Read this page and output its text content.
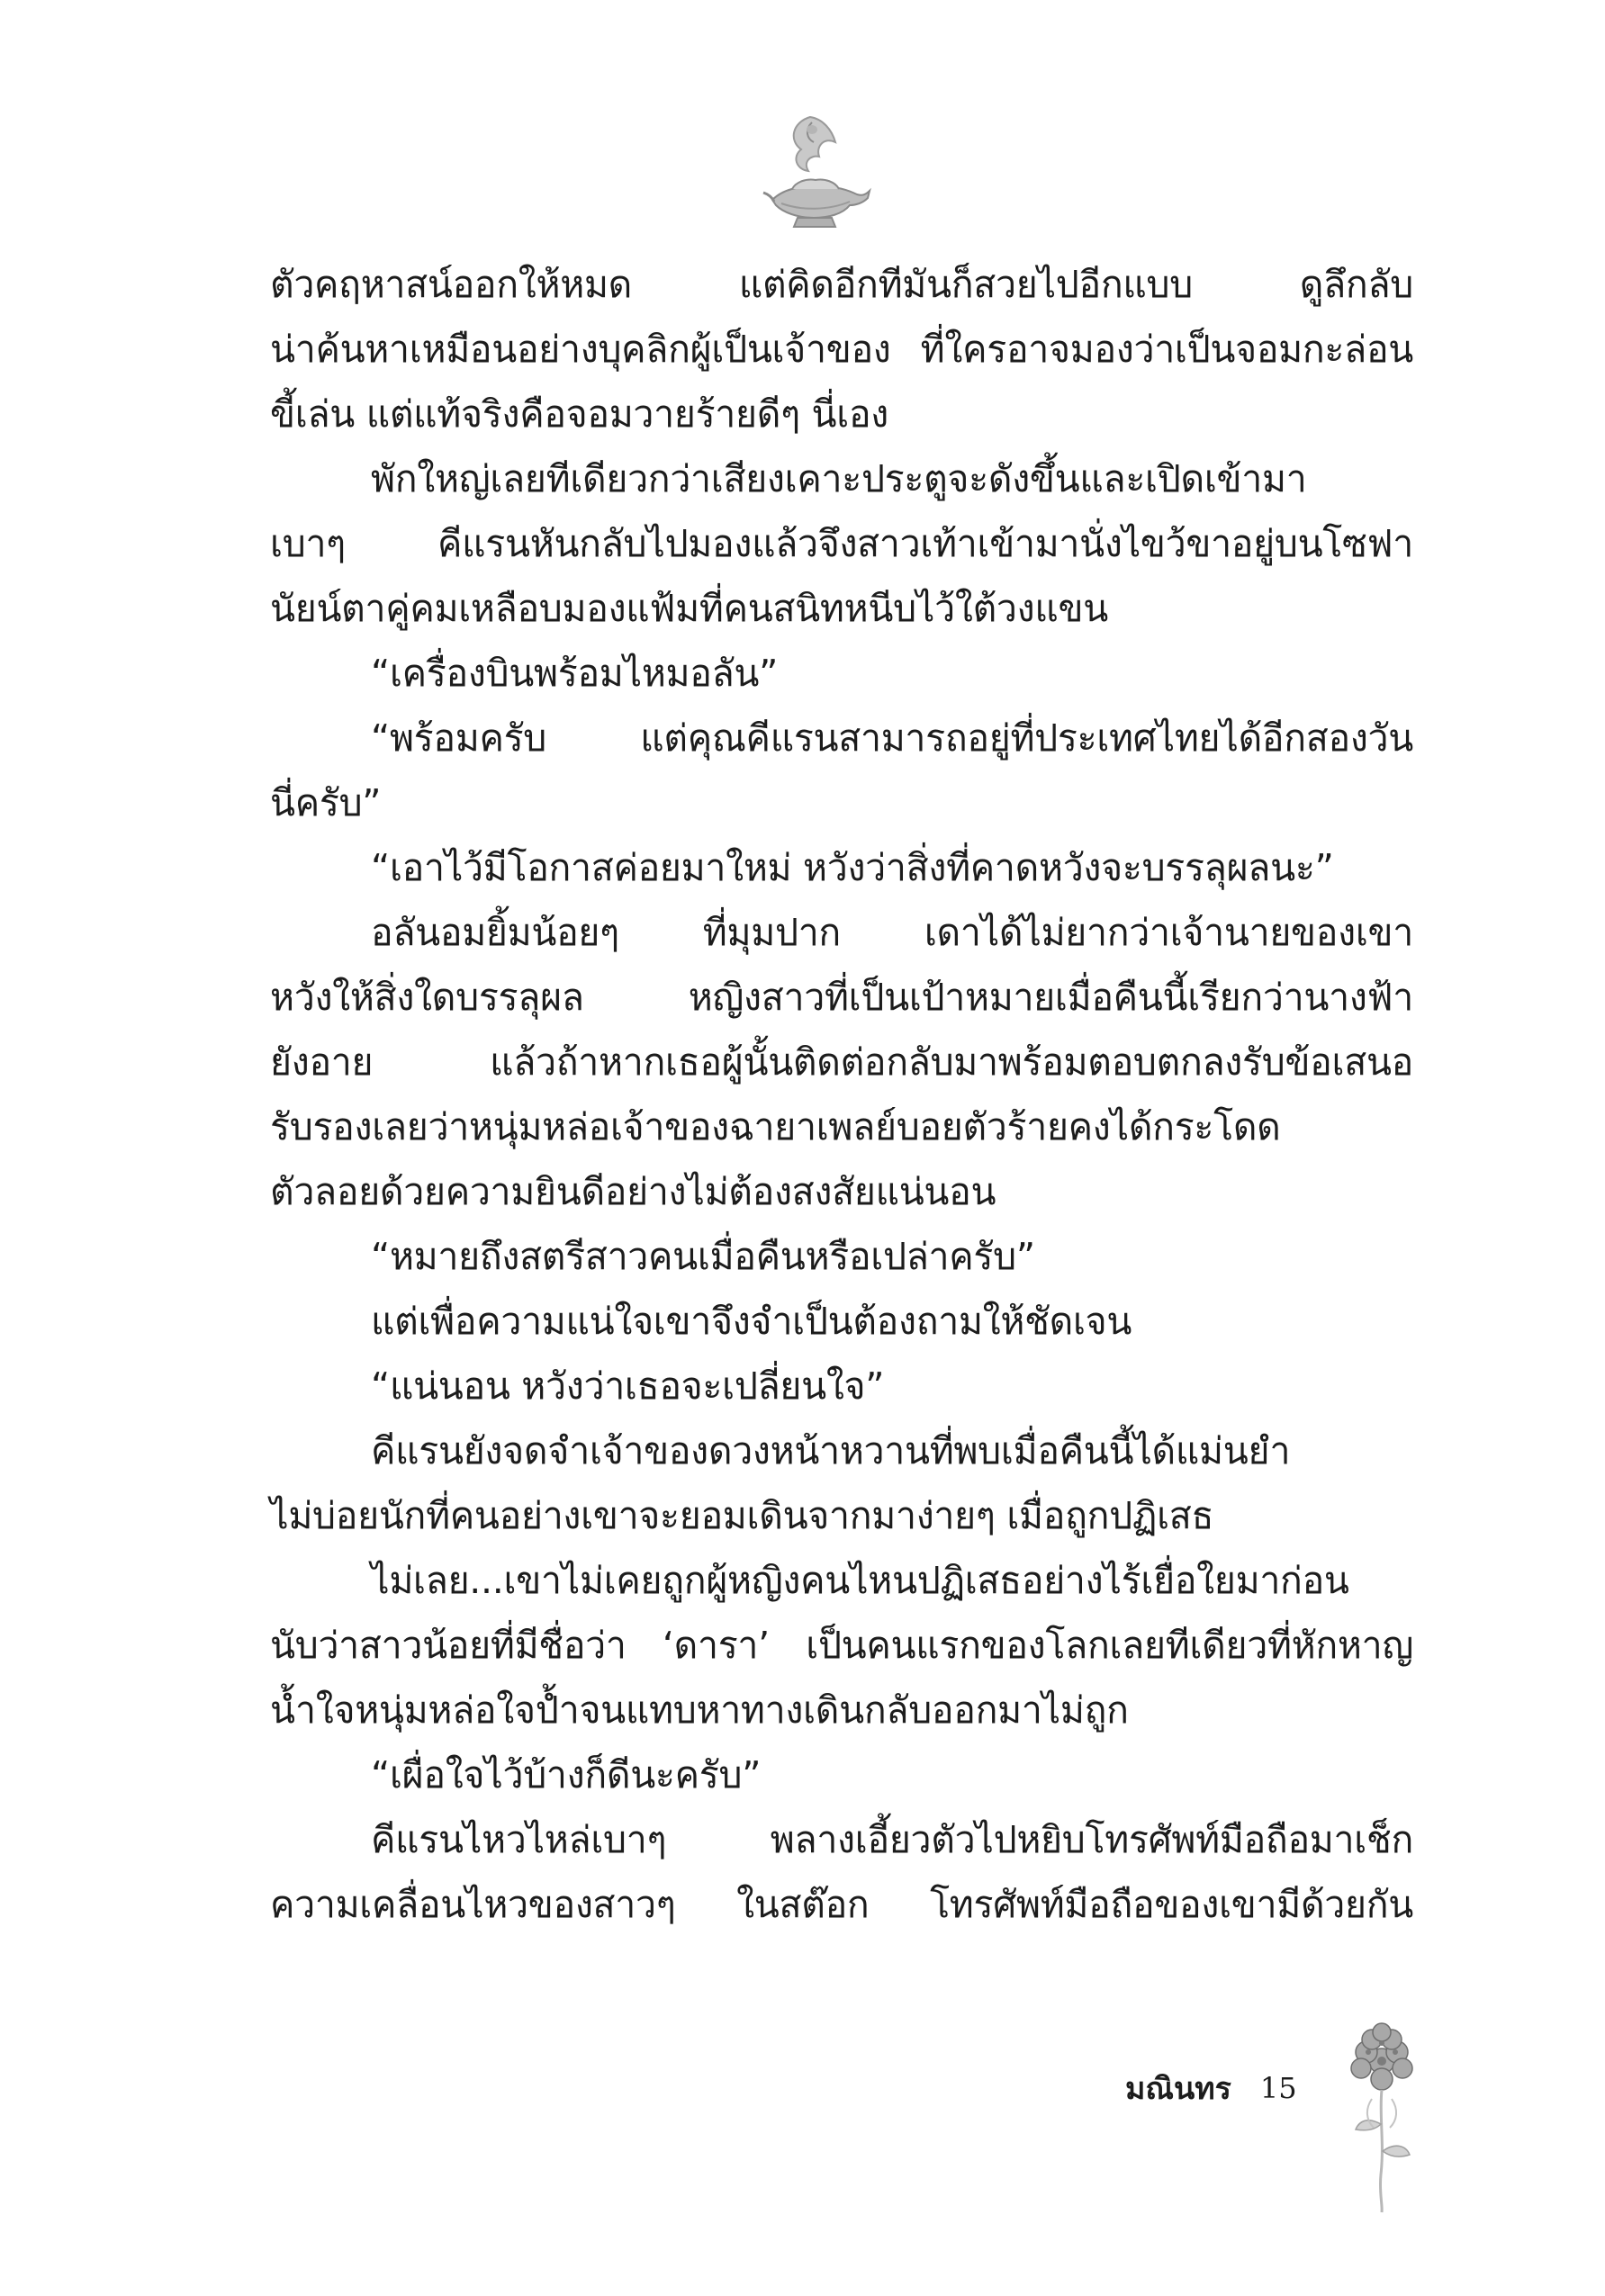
ตัวคฤหาสน์ออกให้หมด แต่คิดอีกทีมันก็สวยไปอีกแบบ ดูลึกลับ
น่าค้นหาเหมือนอย่างบุคลิกผู้เป็นเจ้าของ ที่ใครอาจมองว่าเป็นจอมกะล่อน
ขี้เล่น แต่แท้จริงคือจอมวายร้ายดีๆ นี่เอง
พักใหญ่เลยทีเดียวกว่าเสียงเคาะประตูจะดังขึ้นและเปิดเข้ามา
เบาๆ คีแรนหันกลับไปมองแล้วจึงสาวเท้าเข้ามานั่งไขว้ขาอยู่บนโซฟา
นัยน์ตาคู่คมเหลือบมองแฟ้มที่คนสนิทหนีบไว้ใต้วงแขน
“เครื่องบินพร้อมไหมอลัน”
“พร้อมครับ แต่คุณคีแรนสามารถอยู่ที่ประเทศไทยได้อีกสองวัน
นี่ครับ”
“เอาไว้มีโอกาสค่อยมาใหม่ หวังว่าสิ่งที่คาดหวังจะบรรลุผลนะ”
อลันอมยิ้มน้อยๆ ที่มุมปาก เดาได้ไม่ยากว่าเจ้านายของเขา
หวังให้สิ่งใดบรรลุผล หญิงสาวที่เป็นเป้าหมายเมื่อคืนนี้เรียกว่านางฟ้า
ยังอาย แล้วถ้าหากเธอผู้นั้นติดต่อกลับมาพร้อมตอบตกลงรับข้อเสนอ
รับรองเลยว่าหนุ่มหล่อเจ้าของฉายาเพลย์บอยตัวร้ายคงได้กระโดด
ตัวลอยด้วยความยินดีอย่างไม่ต้องสงสัยแน่นอน
“หมายถึงสตรีสาวคนเมื่อคืนหรือเปล่าครับ”
แต่เพื่อความแน่ใจเขาจึงจำเป็นต้องถามให้ชัดเจน
“แน่นอน หวังว่าเธอจะเปลี่ยนใจ”
คีแรนยังจดจำเจ้าของดวงหน้าหวานที่พบเมื่อคืนนี้ได้แม่นยำ
ไม่บ่อยนักที่คนอย่างเขาจะยอมเดินจากมาง่ายๆ เมื่อถูกปฏิเสธ
ไม่เลย...เขาไม่เคยถูกผู้หญิงคนไหนปฏิเสธอย่างไร้เยื่อใยมาก่อน
นับว่าสาวน้อยที่มีชื่อว่า ‘ดารา’ เป็นคนแรกของโลกเลยทีเดียวที่หักหาญ
น้ำใจหนุ่มหล่อใจป้ำจนแทบหาทางเดินกลับออกมาไม่ถูก
“เผื่อใจไว้บ้างก็ดีนะครับ”
คีแรนไหวไหล่เบาๆ พลางเอี้ยวตัวไปหยิบโทรศัพท์มือถือมาเช็ก
ความเคลื่อนไหวของสาวๆ ในสต๊อก โทรศัพท์มือถือของเขามีด้วยกัน
มณินทร 15
